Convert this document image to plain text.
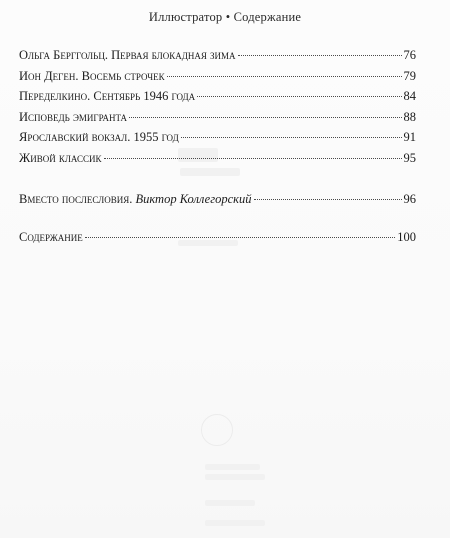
Иллюстратор • Содержание
Ольга Берггольц. Первая блокадная зима	76
Ион Деген. Восемь строчек	79
Переделкино. Сентябрь 1946 года	84
Исповедь эмигранта	88
Ярославский вокзал. 1955 год	91
Живой классик	95
Вместо послесловия. Виктор Коллегорский	96
Содержание	100
